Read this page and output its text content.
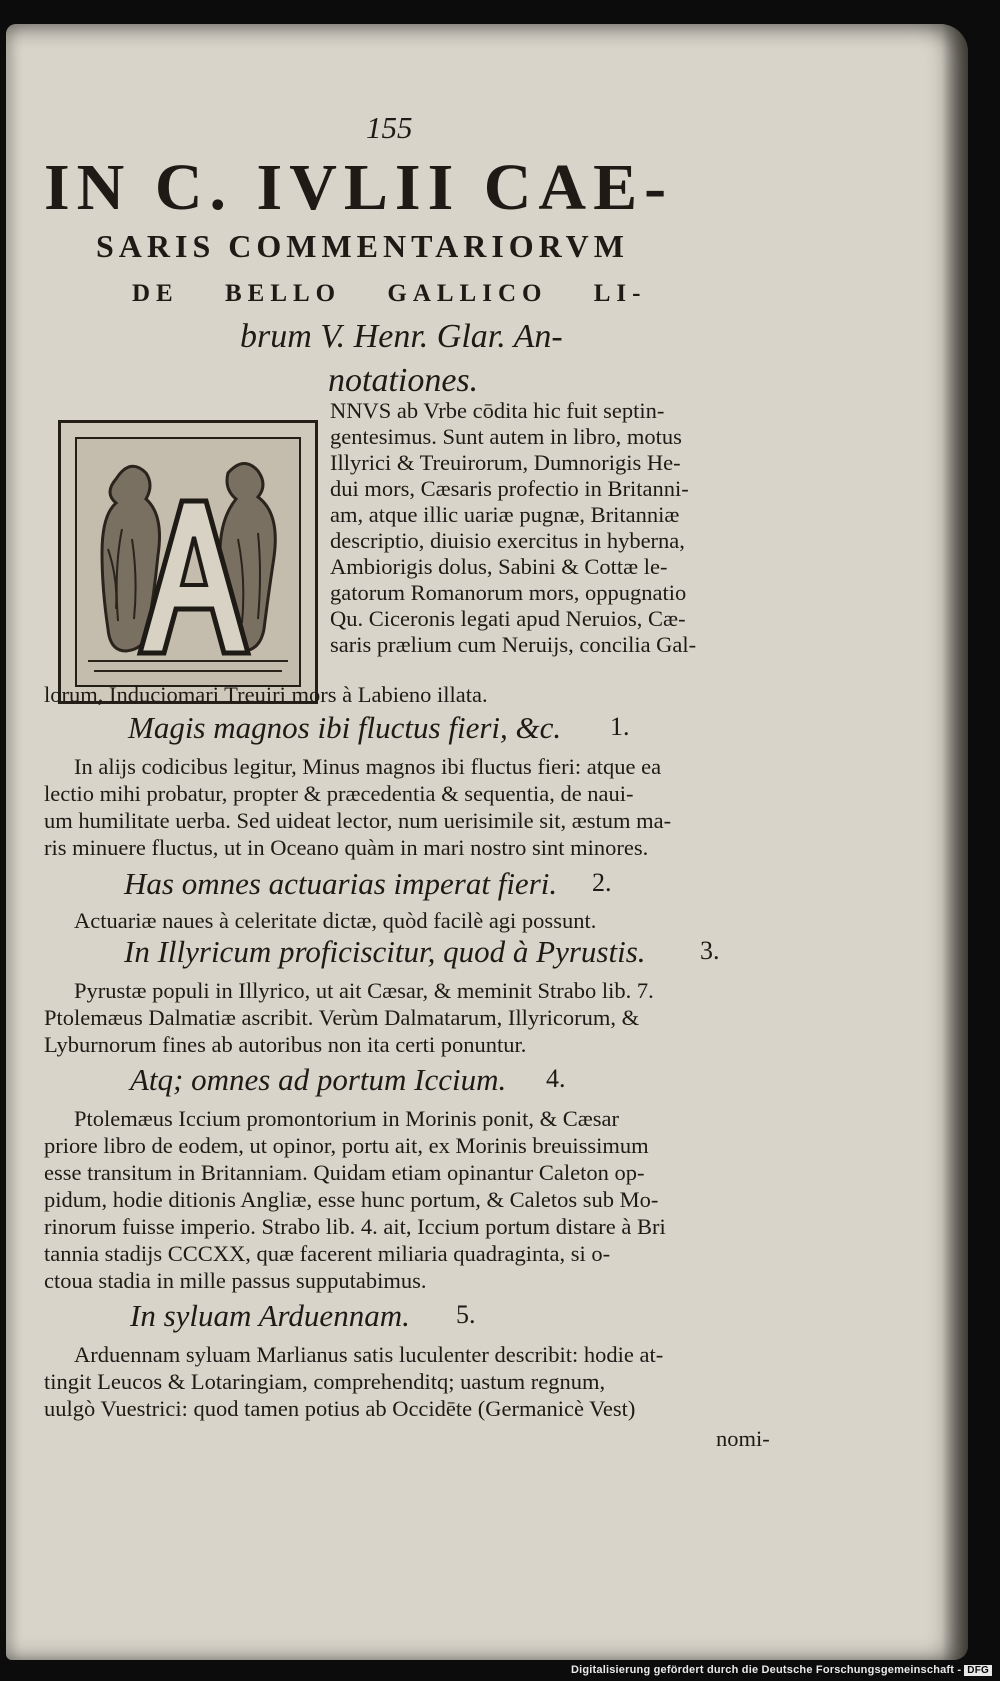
155
IN C. IVLII CAE-
SARIS COMMENTARIORVM
DE BELLO GALLICO LI-
brum V. Henr. Glar. An-
notationes.
NNVS ab Vrbe cōdita hic fuit septin-
gentesimus. Sunt autem in libro, motus
Illyrici & Treuirorum, Dumnorigis He-
dui mors, Cæsaris profectio in Britanni-
am, atque illic uariæ pugnæ, Britanniæ
descriptio, diuisio exercitus in hyberna,
Ambiorigis dolus, Sabini & Cottæ le-
gatorum Romanorum mors, oppugnatio
Qu. Ciceronis legati apud Neruios, Cæ-
saris prælium cum Neruijs, concilia Gal-
lorum, Induciomari Treuiri mors à Labieno illata.
Magis magnos ibi fluctus fieri, &c. 1.
In alijs codicibus legitur, Minus magnos ibi fluctus fieri: atque ea
lectio mihi probatur, propter & præcedentia & sequentia, de naui-
um humilitate uerba. Sed uideat lector, num uerisimile sit, æstum ma-
ris minuere fluctus, ut in Oceano quàm in mari nostro sint minores.
Has omnes actuarias imperat fieri. 2.
Actuariæ naues à celeritate dictæ, quòd facilè agi possunt.
In Illyricum proficiscitur, quod à Pyrustis. 3.
Pyrustæ populi in Illyrico, ut ait Cæsar, & meminit Strabo lib. 7.
Ptolemæus Dalmatiæ ascribit. Verùm Dalmatarum, Illyricorum, &
Lyburnorum fines ab autoribus non ita certi ponuntur.
Atq; omnes ad portum Iccium. 4.
Ptolemæus Iccium promontorium in Morinis ponit, & Cæsar
priore libro de eodem, ut opinor, portu ait, ex Morinis breuissimum
esse transitum in Britanniam. Quidam etiam opinantur Caleton op-
pidum, hodie ditionis Angliæ, esse hunc portum, & Caletos sub Mo-
rinorum fuisse imperio. Strabo lib. 4. ait, Iccium portum distare à Bri
tannia stadijs CCCXX, quæ facerent miliaria quadraginta, si o-
ctoua stadia in mille passus supputabimus.
In syluam Arduennam. 5.
Arduennam syluam Marlianus satis luculenter describit: hodie at-
tingit Leucos & Lotaringiam, comprehenditq; uastum regnum,
uulgò Vuestrici: quod tamen potius ab Occidēte (Germanicè Vest)
nomi-
Digitalisierung gefördert durch die Deutsche Forschungsgemeinschaft - DFG
